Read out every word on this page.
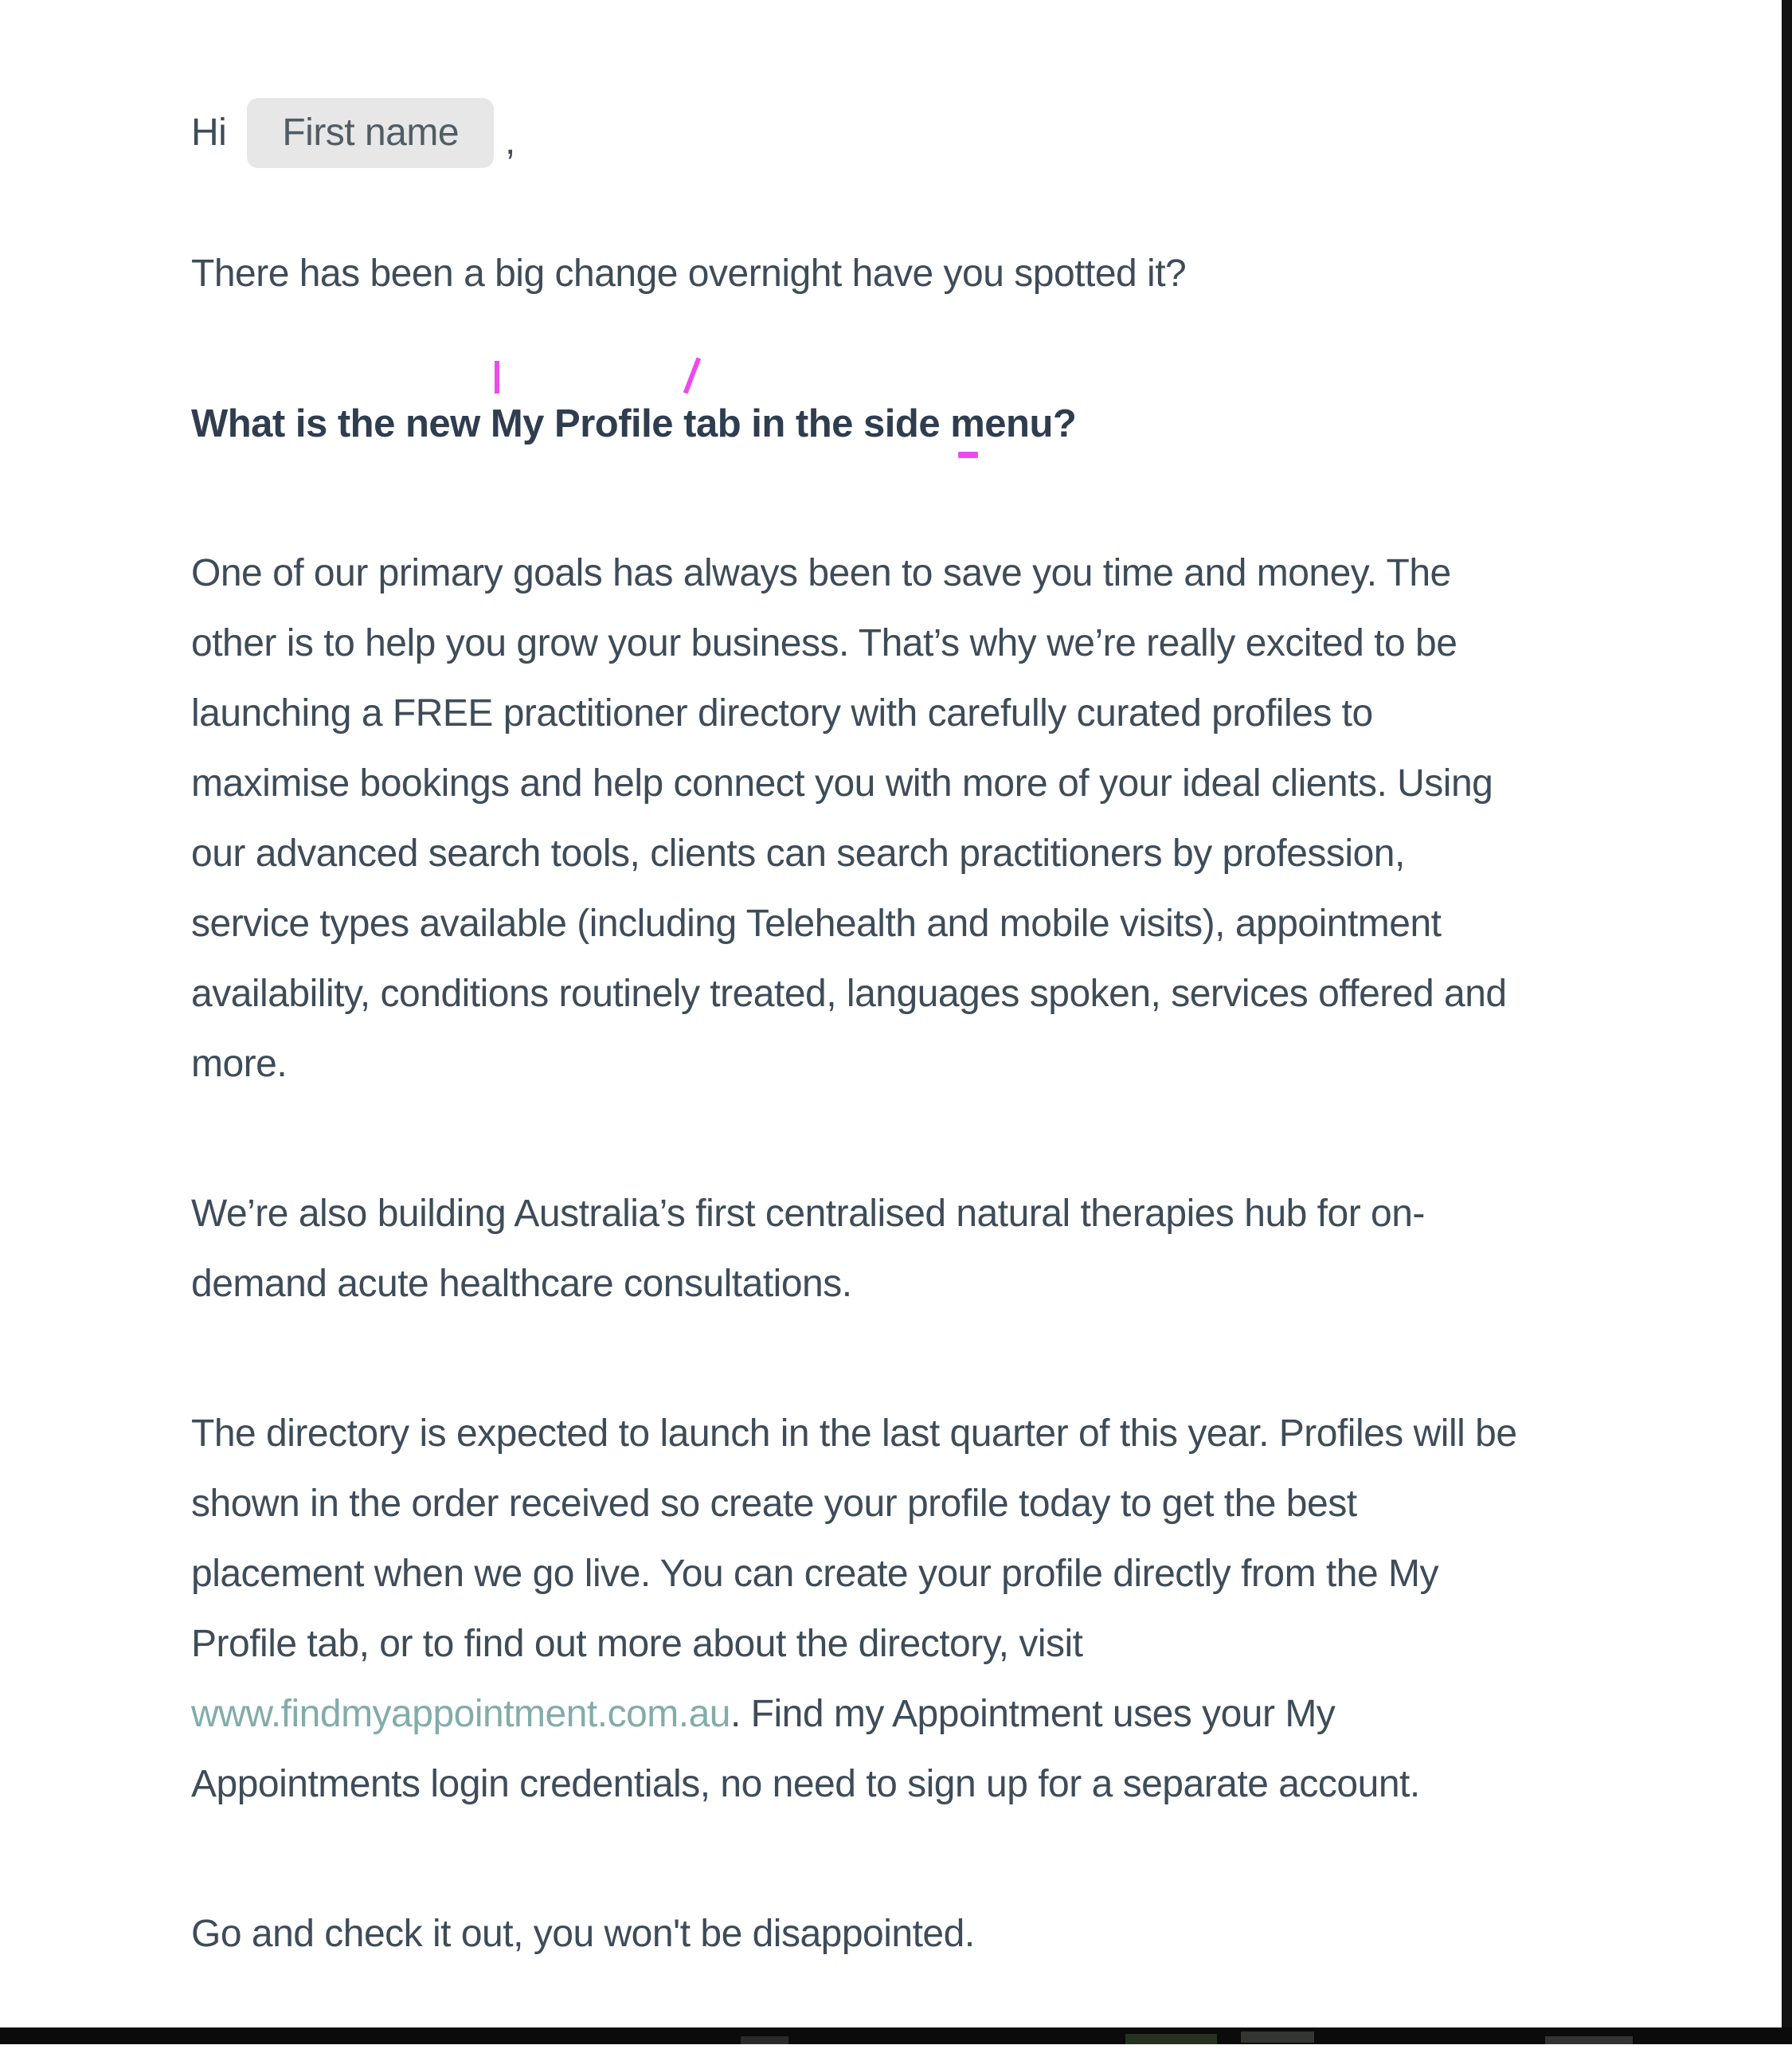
Hi	First name	,
There has been a big change overnight have you spotted it?
What is the new My Profile tab in the side menu?
One of our primary goals has always been to save you time and money. The
other is to help you grow your business. That’s why we’re really excited to be
launching a FREE practitioner directory with carefully curated profiles to
maximise bookings and help connect you with more of your ideal clients. Using
our advanced search tools, clients can search practitioners by profession,
service types available (including Telehealth and mobile visits), appointment
availability, conditions routinely treated, languages spoken, services offered and
more.
We’re also building Australia’s first centralised natural therapies hub for on-
demand acute healthcare consultations.
The directory is expected to launch in the last quarter of this year. Profiles will be
shown in the order received so create your profile today to get the best
placement when we go live. You can create your profile directly from the My
Profile tab, or to find out more about the directory, visit
www.findmyappointment.com.au. Find my Appointment uses your My
Appointments login credentials, no need to sign up for a separate account.
Go and check it out, you won't be disappointed.
